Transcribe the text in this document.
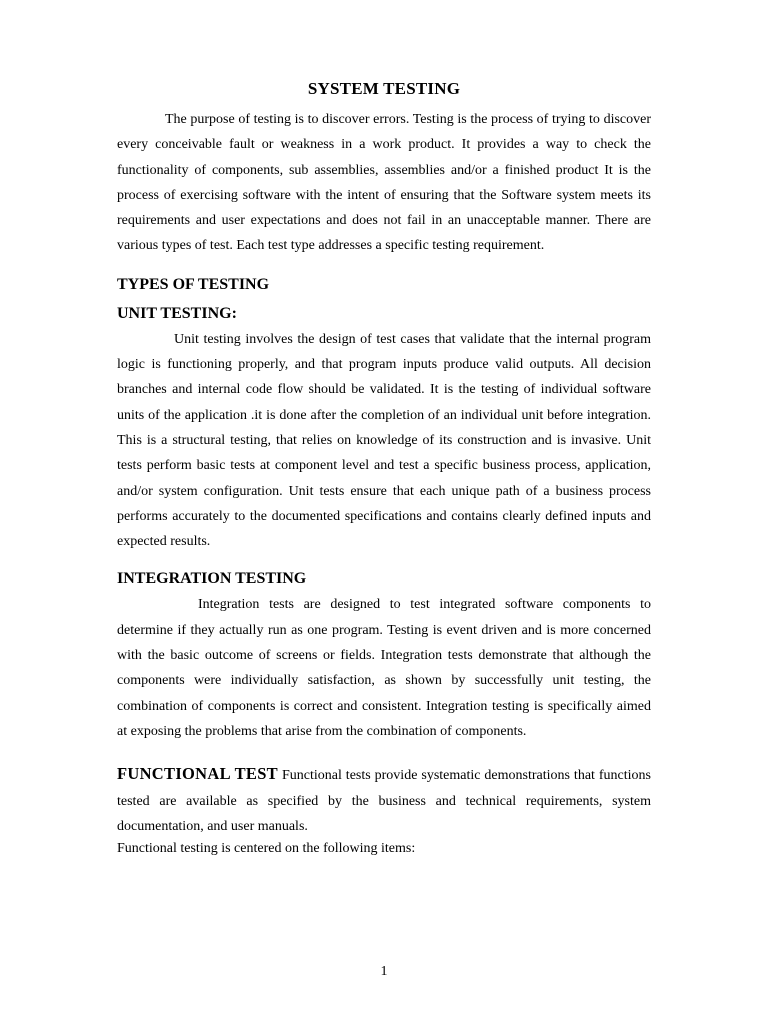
SYSTEM TESTING

The purpose of testing is to discover errors. Testing is the process of trying to discover every conceivable fault or weakness in a work product. It provides a way to check the functionality of components, sub assemblies, assemblies and/or a finished product It is the process of exercising software with the intent of ensuring that the Software system meets its requirements and user expectations and does not fail in an unacceptable manner. There are various types of test. Each test type addresses a specific testing requirement.

TYPES OF TESTING
UNIT TESTING:

Unit testing involves the design of test cases that validate that the internal program logic is functioning properly, and that program inputs produce valid outputs. All decision branches and internal code flow should be validated. It is the testing of individual software units of the application .it is done after the completion of an individual unit before integration. This is a structural testing, that relies on knowledge of its construction and is invasive. Unit tests perform basic tests at component level and test a specific business process, application, and/or system configuration. Unit tests ensure that each unique path of a business process performs accurately to the documented specifications and contains clearly defined inputs and expected results.

INTEGRATION TESTING

Integration tests are designed to test integrated software components to determine if they actually run as one program. Testing is event driven and is more concerned with the basic outcome of screens or fields. Integration tests demonstrate that although the components were individually satisfaction, as shown by successfully unit testing, the combination of components is correct and consistent. Integration testing is specifically aimed at exposing the problems that arise from the combination of components.

FUNCTIONAL TEST Functional tests provide systematic demonstrations that functions tested are available as specified by the business and technical requirements, system documentation, and user manuals.

Functional testing is centered on the following items:

1
